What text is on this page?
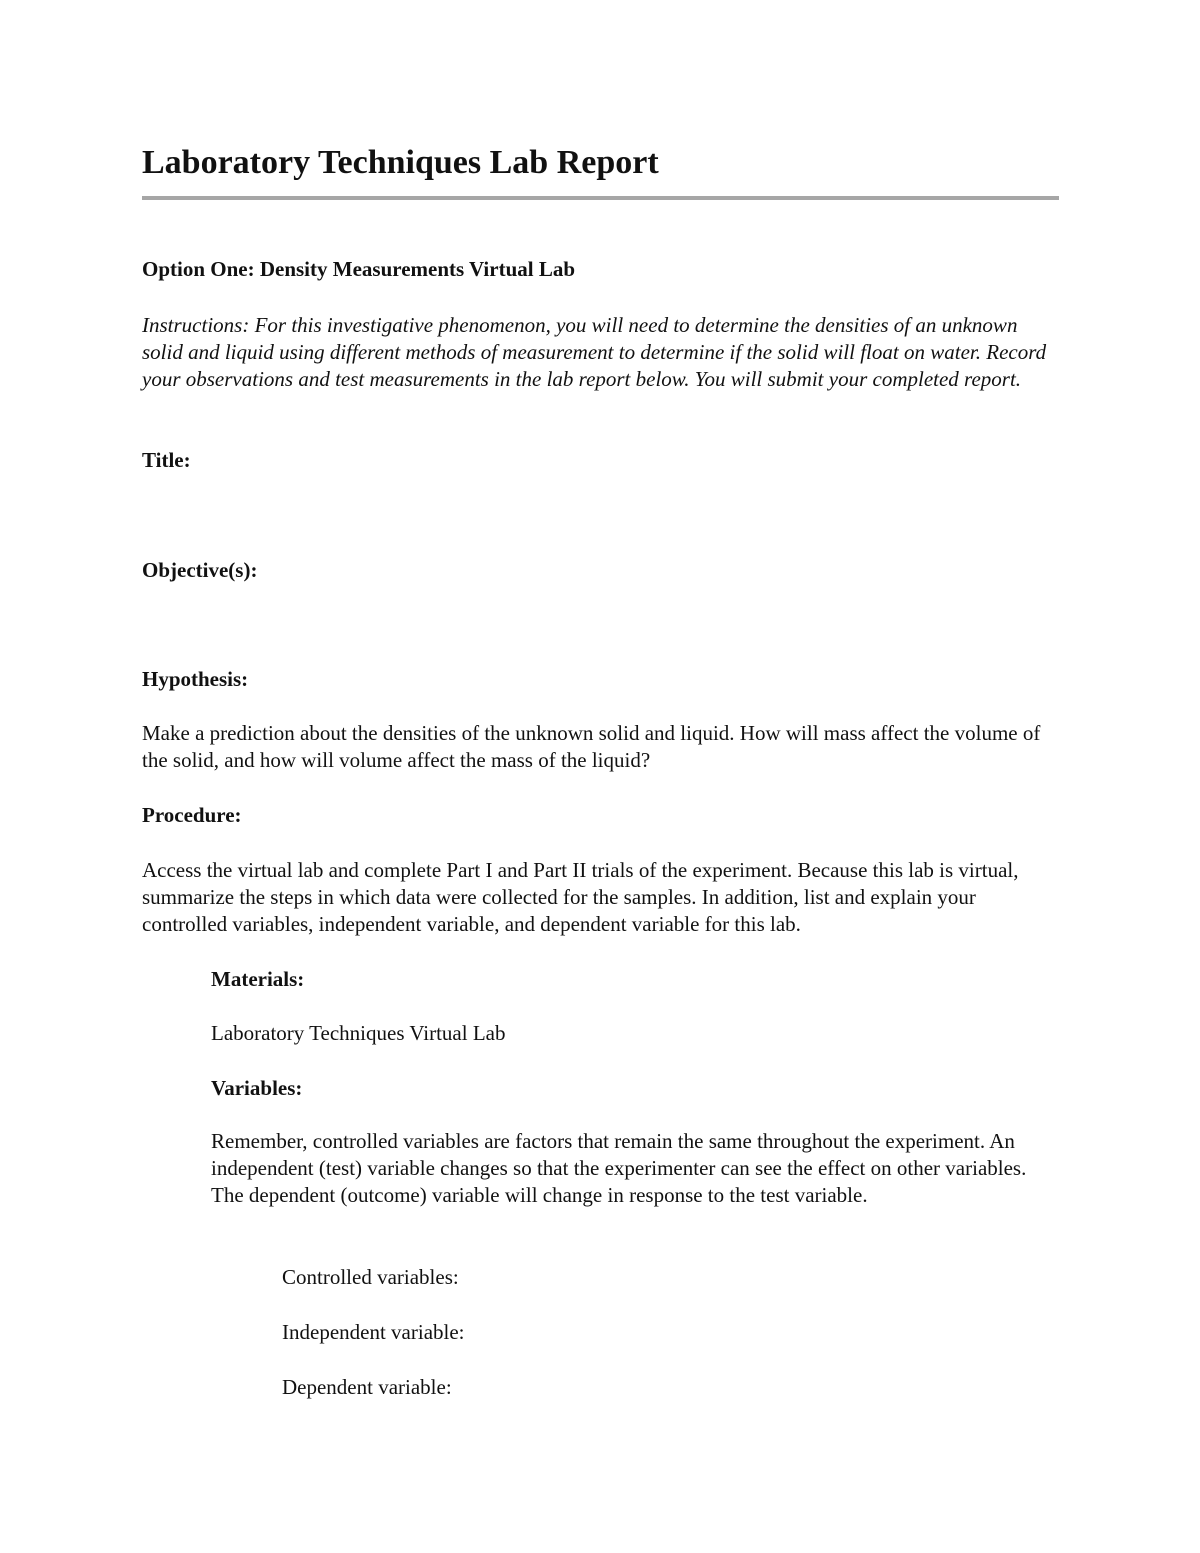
Laboratory Techniques Lab Report
Option One: Density Measurements Virtual Lab

Instructions: For this investigative phenomenon, you will need to determine the densities of an unknown solid and liquid using different methods of measurement to determine if the solid will float on water. Record your observations and test measurements in the lab report below. You will submit your completed report.

Title:

Objective(s):

Hypothesis:

Make a prediction about the densities of the unknown solid and liquid. How will mass affect the volume of the solid, and how will volume affect the mass of the liquid?

Procedure:

Access the virtual lab and complete Part I and Part II trials of the experiment. Because this lab is virtual, summarize the steps in which data were collected for the samples. In addition, list and explain your controlled variables, independent variable, and dependent variable for this lab.

Materials:

Laboratory Techniques Virtual Lab

Variables:

Remember, controlled variables are factors that remain the same throughout the experiment. An independent (test) variable changes so that the experimenter can see the effect on other variables. The dependent (outcome) variable will change in response to the test variable.

Controlled variables:

Independent variable:

Dependent variable:
